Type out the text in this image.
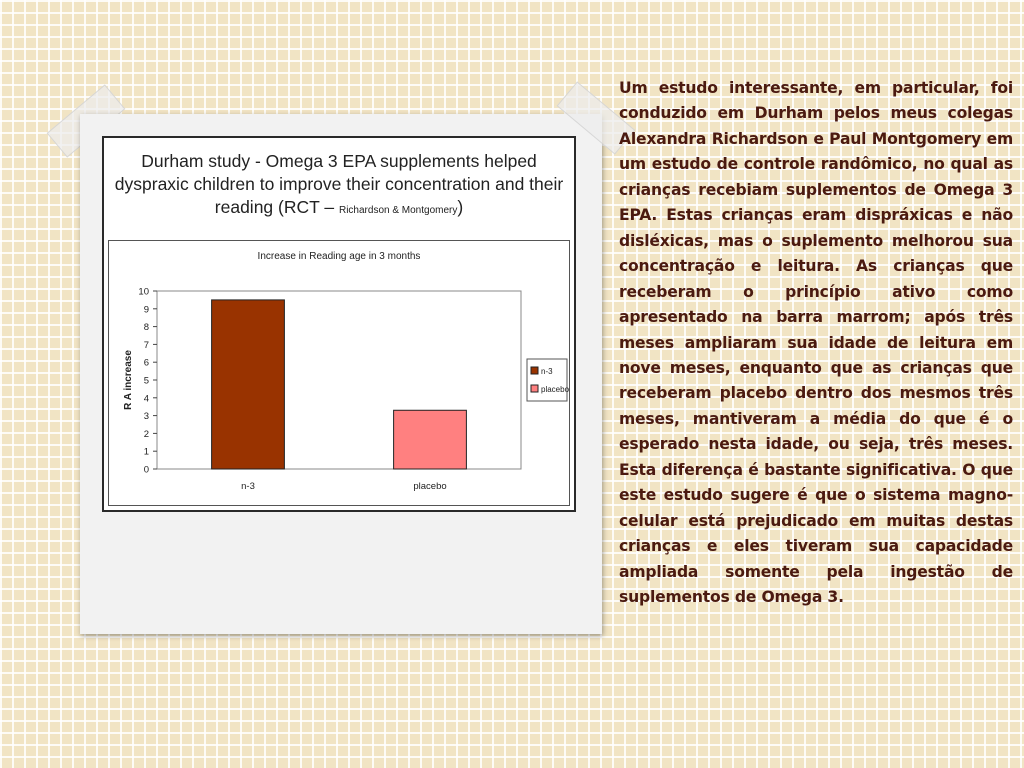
Durham study - Omega 3 EPA supplements helped dyspraxic children to improve their concentration and their reading (RCT – Richardson & Montgomery)
Increase in Reading age in 3 months
0
1
2
3
4
5
6
7
8
9
10
R A increase
n-3	placebo
n-3
placebo

Um estudo interessante, em particular, foi conduzido em Durham pelos meus colegas Alexandra Richardson e Paul Montgomery em um estudo de controle randômico, no qual as crianças recebiam suplementos de Omega 3 EPA. Estas crianças eram dispráxicas e não disléxicas, mas o suplemento melhorou sua concentração e leitura. As crianças que receberam o princípio ativo como apresentado na barra marrom; após três meses ampliaram sua idade de leitura em nove meses, enquanto que as crianças que receberam placebo dentro dos mesmos três meses, mantiveram a média do que é o esperado nesta idade, ou seja, três meses. Esta diferença é bastante significativa. O que este estudo sugere é que o sistema magno-celular está prejudicado em muitas destas crianças e eles tiveram sua capacidade ampliada somente pela ingestão de suplementos de Omega 3.
